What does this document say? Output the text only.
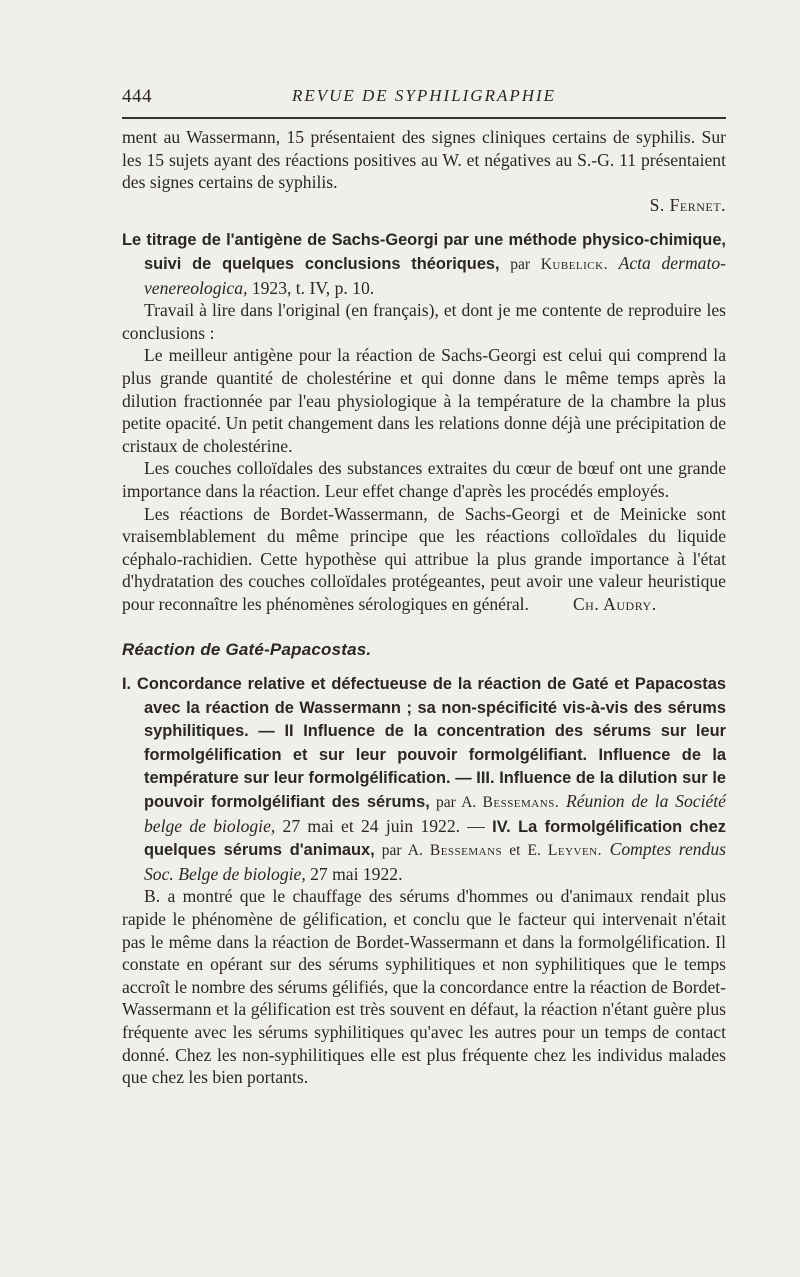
444	REVUE DE SYPHILIGRAPHIE

ment au Wassermann, 15 présentaient des signes cliniques certains de syphilis. Sur les 15 sujets ayant des réactions positives au W. et négatives au S.-G. 11 présentaient des signes certains de syphilis.

S. Fernet.

Le titrage de l'antigène de Sachs-Georgi par une méthode physico-chimique, suivi de quelques conclusions théoriques, par Kubelick. Acta dermato-venereologica, 1923, t. IV, p. 10.

Travail à lire dans l'original (en français), et dont je me contente de reproduire les conclusions :

Le meilleur antigène pour la réaction de Sachs-Georgi est celui qui comprend la plus grande quantité de cholestérine et qui donne dans le même temps après la dilution fractionnée par l'eau physiologique à la température de la chambre la plus petite opacité. Un petit changement dans les relations donne déjà une précipitation de cristaux de cholestérine.

Les couches colloïdales des substances extraites du cœur de bœuf ont une grande importance dans la réaction. Leur effet change d'après les procédés employés.

Les réactions de Bordet-Wassermann, de Sachs-Georgi et de Meinicke sont vraisemblablement du même principe que les réactions colloïdales du liquide céphalo-rachidien. Cette hypothèse qui attribue la plus grande importance à l'état d'hydratation des couches colloïdales protégeantes, peut avoir une valeur heuristique pour reconnaître les phénomènes sérologiques en général. Ch. Audry.

Réaction de Gaté-Papacostas.

I. Concordance relative et défectueuse de la réaction de Gaté et Papacostas avec la réaction de Wassermann ; sa non-spécificité vis-à-vis des sérums syphilitiques. — II Influence de la concentration des sérums sur leur formolgélification et sur leur pouvoir formolgélifiant. Influence de la température sur leur formolgélification. — III. Influence de la dilution sur le pouvoir formolgélifiant des sérums, par A. Bessemans. Réunion de la Société belge de biologie, 27 mai et 24 juin 1922. — IV. La formolgélification chez quelques sérums d'animaux, par A. Bessemans et E. Leyven. Comptes rendus Soc. Belge de biologie, 27 mai 1922.

B. a montré que le chauffage des sérums d'hommes ou d'animaux rendait plus rapide le phénomène de gélification, et conclu que le facteur qui intervenait n'était pas le même dans la réaction de Bordet-Wassermann et dans la formolgélification. Il constate en opérant sur des sérums syphilitiques et non syphilitiques que le temps accroît le nombre des sérums gélifiés, que la concordance entre la réaction de Bordet-Wassermann et la gélification est très souvent en défaut, la réaction n'étant guère plus fréquente avec les sérums syphilitiques qu'avec les autres pour un temps de contact donné. Chez les non-syphilitiques elle est plus fréquente chez les individus malades que chez les bien portants.
